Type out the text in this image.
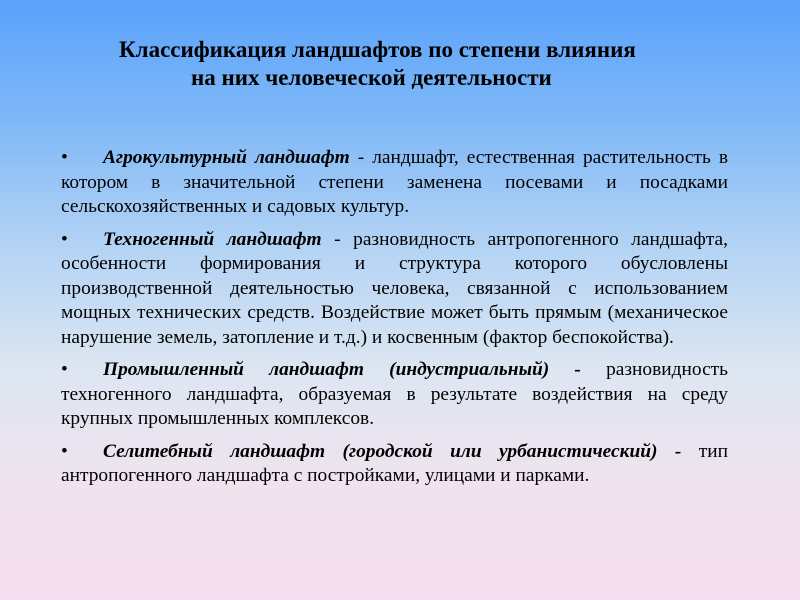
Классификация ландшафтов по степени влияния
на них человеческой деятельности

• Агрокультурный ландшафт - ландшафт, естественная растительность в котором в значительной степени заменена посевами и посадками сельскохозяйственных и садовых культур.

• Техногенный ландшафт - разновидность антропогенного ландшафта, особенности формирования и структура которого обусловлены производственной деятельностью человека, связанной с использованием мощных технических средств. Воздействие может быть прямым (механическое нарушение земель, затопление и т.д.) и косвенным (фактор беспокойства).

• Промышленный ландшафт (индустриальный) - разновидность техногенного ландшафта, образуемая в результате воздействия на среду крупных промышленных комплексов.

• Селитебный ландшафт (городской или урбанистический) - тип антропогенного ландшафта с постройками, улицами и парками.
